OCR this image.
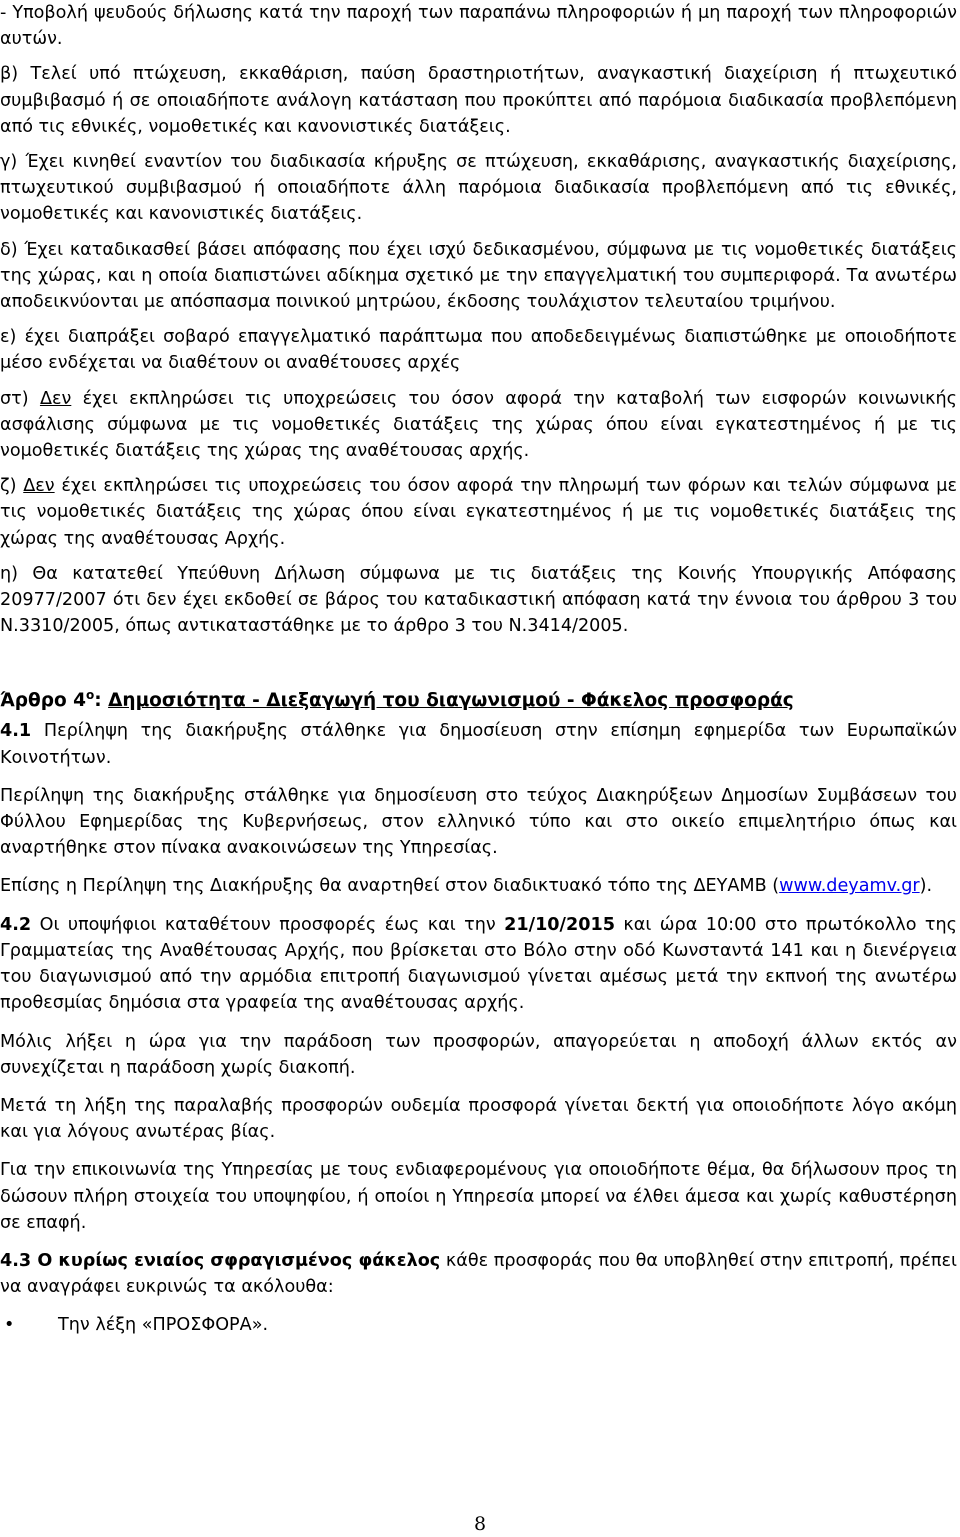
- Υποβολή ψευδούς δήλωσης κατά την παροχή των παραπάνω πληροφοριών ή μη παροχή των πληροφοριών αυτών.

β) Τελεί υπό πτώχευση, εκκαθάριση, παύση δραστηριοτήτων, αναγκαστική διαχείριση ή πτωχευτικό συμβιβασμό ή σε οποιαδήποτε ανάλογη κατάσταση που προκύπτει από παρόμοια διαδικασία προβλεπόμενη από τις εθνικές, νομοθετικές και κανονιστικές διατάξεις.

γ) Έχει κινηθεί εναντίον του διαδικασία κήρυξης σε πτώχευση, εκκαθάρισης, αναγκαστικής διαχείρισης, πτωχευτικού συμβιβασμού ή οποιαδήποτε άλλη παρόμοια διαδικασία προβλεπόμενη από τις εθνικές, νομοθετικές και κανονιστικές διατάξεις.

δ) Έχει καταδικασθεί βάσει απόφασης που έχει ισχύ δεδικασμένου, σύμφωνα με τις νομοθετικές διατάξεις της χώρας, και η οποία διαπιστώνει αδίκημα σχετικό με την επαγγελματική του συμπεριφορά. Τα ανωτέρω αποδεικνύονται με απόσπασμα ποινικού μητρώου, έκδοσης τουλάχιστον τελευταίου τριμήνου.

ε) έχει διαπράξει σοβαρό επαγγελματικό παράπτωμα που αποδεδειγμένως διαπιστώθηκε με οποιοδήποτε μέσο ενδέχεται να διαθέτουν οι αναθέτουσες αρχές

στ) Δεν έχει εκπληρώσει τις υποχρεώσεις του όσον αφορά την καταβολή των εισφορών κοινωνικής ασφάλισης σύμφωνα με τις νομοθετικές διατάξεις της χώρας όπου είναι εγκατεστημένος ή με τις νομοθετικές διατάξεις της χώρας της αναθέτουσας αρχής.

ζ) Δεν έχει εκπληρώσει τις υποχρεώσεις του όσον αφορά την πληρωμή των φόρων και τελών σύμφωνα με τις νομοθετικές διατάξεις της χώρας όπου είναι εγκατεστημένος ή με τις νομοθετικές διατάξεις της χώρας της αναθέτουσας Αρχής.

η) Θα κατατεθεί Υπεύθυνη Δήλωση σύμφωνα με τις διατάξεις της Κοινής Υπουργικής Απόφασης 20977/2007 ότι δεν έχει εκδοθεί σε βάρος του καταδικαστική απόφαση κατά την έννοια του άρθρου 3 του Ν.3310/2005, όπως αντικαταστάθηκε με το άρθρο 3 του Ν.3414/2005.

Άρθρο $4^o$: Δημοσιότητα - Διεξαγωγή του διαγωνισμού - Φάκελος προσφοράς

4.1 Περίληψη της διακήρυξης στάλθηκε για δημοσίευση στην επίσημη εφημερίδα των Ευρωπαϊκών Κοινοτήτων.

Περίληψη της διακήρυξης στάλθηκε για δημοσίευση στο τεύχος Διακηρύξεων Δημοσίων Συμβάσεων του Φύλλου Εφημερίδας της Κυβερνήσεως, στον ελληνικό τύπο και στο οικείο επιμελητήριο όπως και αναρτήθηκε στον πίνακα ανακοινώσεων της Υπηρεσίας.

Επίσης η Περίληψη της Διακήρυξης θα αναρτηθεί στον διαδικτυακό τόπο της ΔΕΥΑΜΒ (www.deyamv.gr).

4.2 Οι υποψήφιοι καταθέτουν προσφορές έως και την 21/10/2015 και ώρα 10:00 στο πρωτόκολλο της Γραμματείας της Αναθέτουσας Αρχής, που βρίσκεται στο Βόλο στην οδό Κωνσταντά 141 και η διενέργεια του διαγωνισμού από την αρμόδια επιτροπή διαγωνισμού γίνεται αμέσως μετά την εκπνοή της ανωτέρω προθεσμίας δημόσια στα γραφεία της αναθέτουσας αρχής.

Μόλις λήξει η ώρα για την παράδοση των προσφορών, απαγορεύεται η αποδοχή άλλων εκτός αν συνεχίζεται η παράδοση χωρίς διακοπή.

Μετά τη λήξη της παραλαβής προσφορών ουδεμία προσφορά γίνεται δεκτή για οποιοδήποτε λόγο ακόμη και για λόγους ανωτέρας βίας.

Για την επικοινωνία της Υπηρεσίας με τους ενδιαφερομένους για οποιοδήποτε θέμα, θα δήλωσουν προς τη δώσουν πλήρη στοιχεία του υποψηφίου, ή οποίοι η Υπηρεσία μπορεί να έλθει άμεσα και χωρίς καθυστέρηση σε επαφή.

4.3 Ο κυρίως ενιαίος σφραγισμένος φάκελος κάθε προσφοράς που θα υποβληθεί στην επιτροπή, πρέπει να αναγράφει ευκρινώς τα ακόλουθα:

•	Την λέξη «ΠΡΟΣΦΟΡΑ».
8
